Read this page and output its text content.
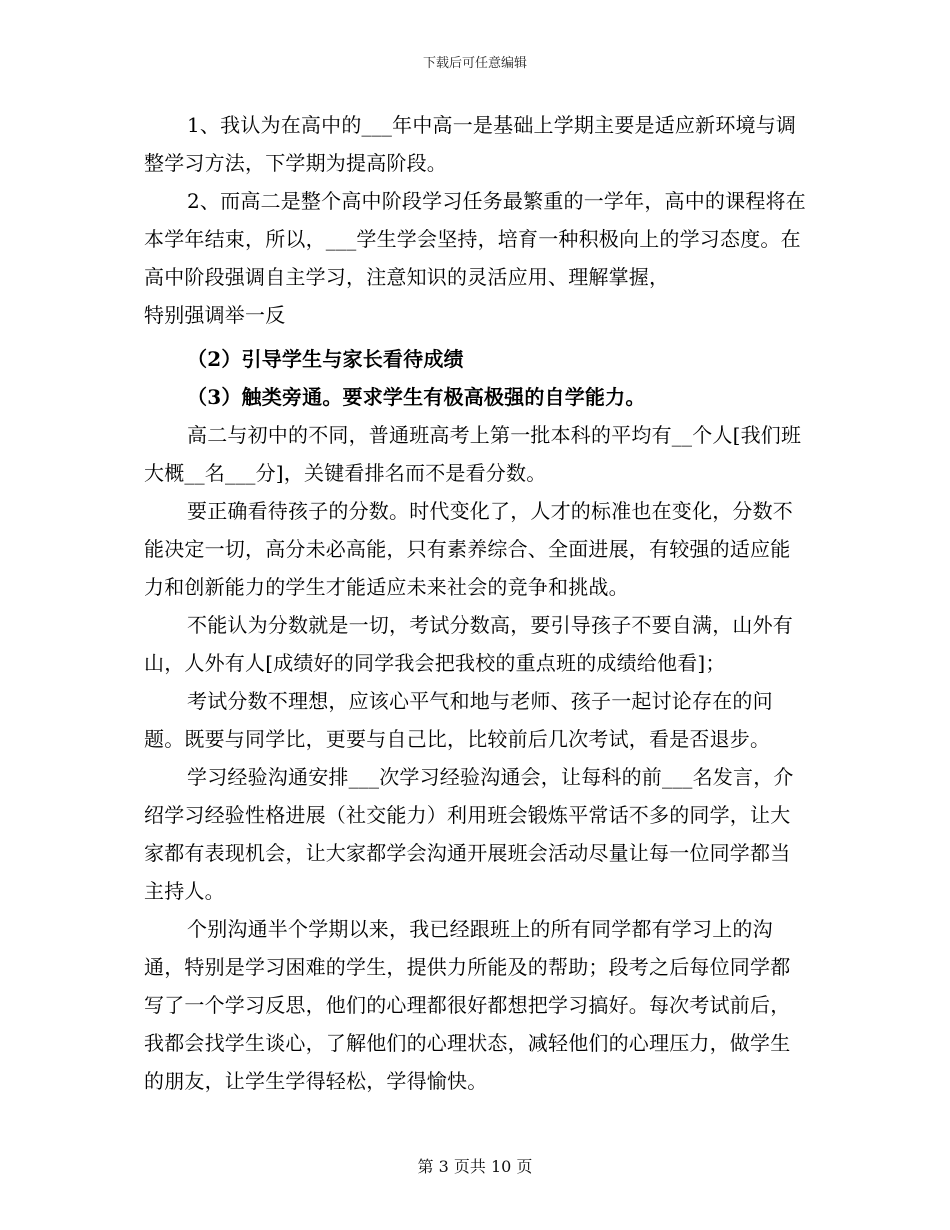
下载后可任意编辑

1、我认为在高中的___年中高一是基础上学期主要是适应新环境与调整学习方法，下学期为提高阶段。

2、而高二是整个高中阶段学习任务最繁重的一学年，高中的课程将在本学年结束，所以，___学生学会坚持，培育一种积极向上的学习态度。在高中阶段强调自主学习，注意知识的灵活应用、理解掌握，

特别强调举一反

（2）引导学生与家长看待成绩

（3）触类旁通。要求学生有极高极强的自学能力。

高二与初中的不同，普通班高考上第一批本科的平均有__个人[我们班大概__名___分]，关键看排名而不是看分数。

要正确看待孩子的分数。时代变化了，人才的标准也在变化，分数不能决定一切，高分未必高能，只有素养综合、全面进展，有较强的适应能力和创新能力的学生才能适应未来社会的竞争和挑战。

不能认为分数就是一切，考试分数高，要引导孩子不要自满，山外有山，人外有人[成绩好的同学我会把我校的重点班的成绩给他看]；

考试分数不理想，应该心平气和地与老师、孩子一起讨论存在的问题。既要与同学比，更要与自己比，比较前后几次考试，看是否退步。

学习经验沟通安排___次学习经验沟通会，让每科的前___名发言，介绍学习经验性格进展（社交能力）利用班会锻炼平常话不多的同学，让大家都有表现机会，让大家都学会沟通开展班会活动尽量让每一位同学都当主持人。

个别沟通半个学期以来，我已经跟班上的所有同学都有学习上的沟通，特别是学习困难的学生，提供力所能及的帮助；段考之后每位同学都写了一个学习反思，他们的心理都很好都想把学习搞好。每次考试前后，我都会找学生谈心，了解他们的心理状态，减轻他们的心理压力，做学生的朋友，让学生学得轻松，学得愉快。

第 3 页共 10 页
